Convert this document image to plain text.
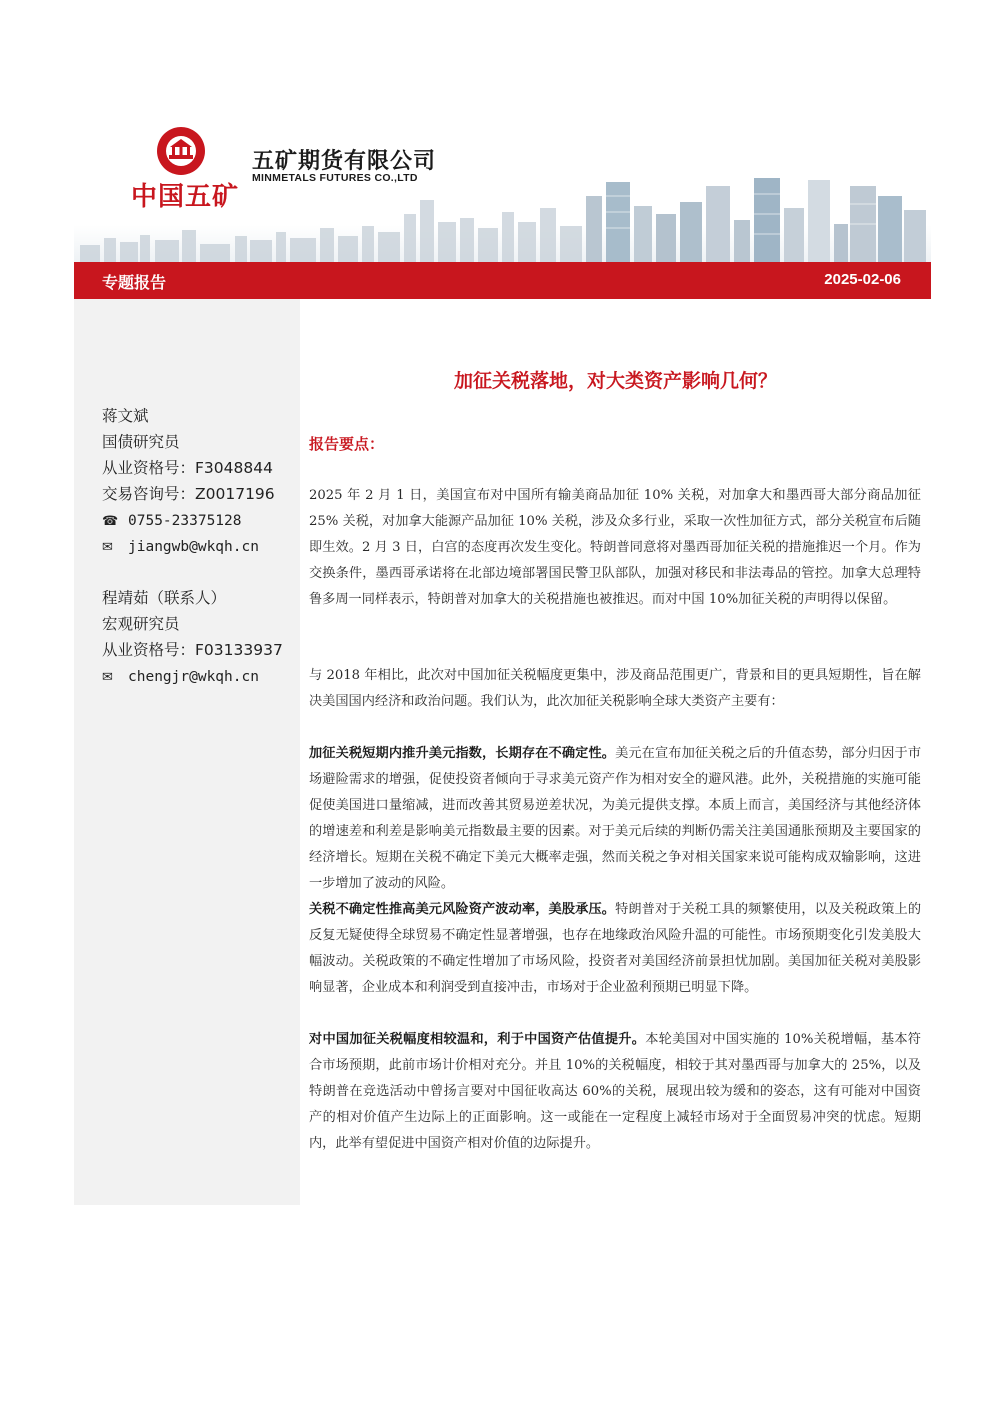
中国五矿
五矿期货有限公司
MINMETALS FUTURES CO.,LTD
专题报告	2025-02-06
蒋文斌
国债研究员
从业资格号：F3048844
交易咨询号：Z0017196
☎ 0755-23375128
✉ jiangwb@wkqh.cn
程靖茹（联系人）
宏观研究员
从业资格号：F03133937
✉ chengjr@wkqh.cn
加征关税落地，对大类资产影响几何？
报告要点：
2025 年 2 月 1 日，美国宣布对中国所有输美商品加征 10% 关税，对加拿大和墨西哥大部分商品加征 25% 关税，对加拿大能源产品加征 10% 关税，涉及众多行业，采取一次性加征方式，部分关税宣布后随即生效。2 月 3 日，白宫的态度再次发生变化。特朗普同意将对墨西哥加征关税的措施推迟一个月。作为交换条件，墨西哥承诺将在北部边境部署国民警卫队部队，加强对移民和非法毒品的管控。加拿大总理特鲁多周一同样表示，特朗普对加拿大的关税措施也被推迟。而对中国 10%加征关税的声明得以保留。
与 2018 年相比，此次对中国加征关税幅度更集中，涉及商品范围更广，背景和目的更具短期性，旨在解决美国国内经济和政治问题。我们认为，此次加征关税影响全球大类资产主要有：
加征关税短期内推升美元指数，长期存在不确定性。美元在宣布加征关税之后的升值态势，部分归因于市场避险需求的增强，促使投资者倾向于寻求美元资产作为相对安全的避风港。此外，关税措施的实施可能促使美国进口量缩减，进而改善其贸易逆差状况，为美元提供支撑。本质上而言，美国经济与其他经济体的增速差和利差是影响美元指数最主要的因素。对于美元后续的判断仍需关注美国通胀预期及主要国家的经济增长。短期在关税不确定下美元大概率走强，然而关税之争对相关国家来说可能构成双输影响，这进一步增加了波动的风险。
关税不确定性推高美元风险资产波动率，美股承压。特朗普对于关税工具的频繁使用，以及关税政策上的反复无疑使得全球贸易不确定性显著增强，也存在地缘政治风险升温的可能性。市场预期变化引发美股大幅波动。关税政策的不确定性增加了市场风险，投资者对美国经济前景担忧加剧。美国加征关税对美股影响显著，企业成本和利润受到直接冲击，市场对于企业盈利预期已明显下降。
对中国加征关税幅度相较温和，利于中国资产估值提升。本轮美国对中国实施的 10%关税增幅，基本符合市场预期，此前市场计价相对充分。并且 10%的关税幅度，相较于其对墨西哥与加拿大的 25%，以及特朗普在竞选活动中曾扬言要对中国征收高达 60%的关税，展现出较为缓和的姿态，这有可能对中国资产的相对价值产生边际上的正面影响。这一或能在一定程度上减轻市场对于全面贸易冲突的忧虑。短期内，此举有望促进中国资产相对价值的边际提升。
